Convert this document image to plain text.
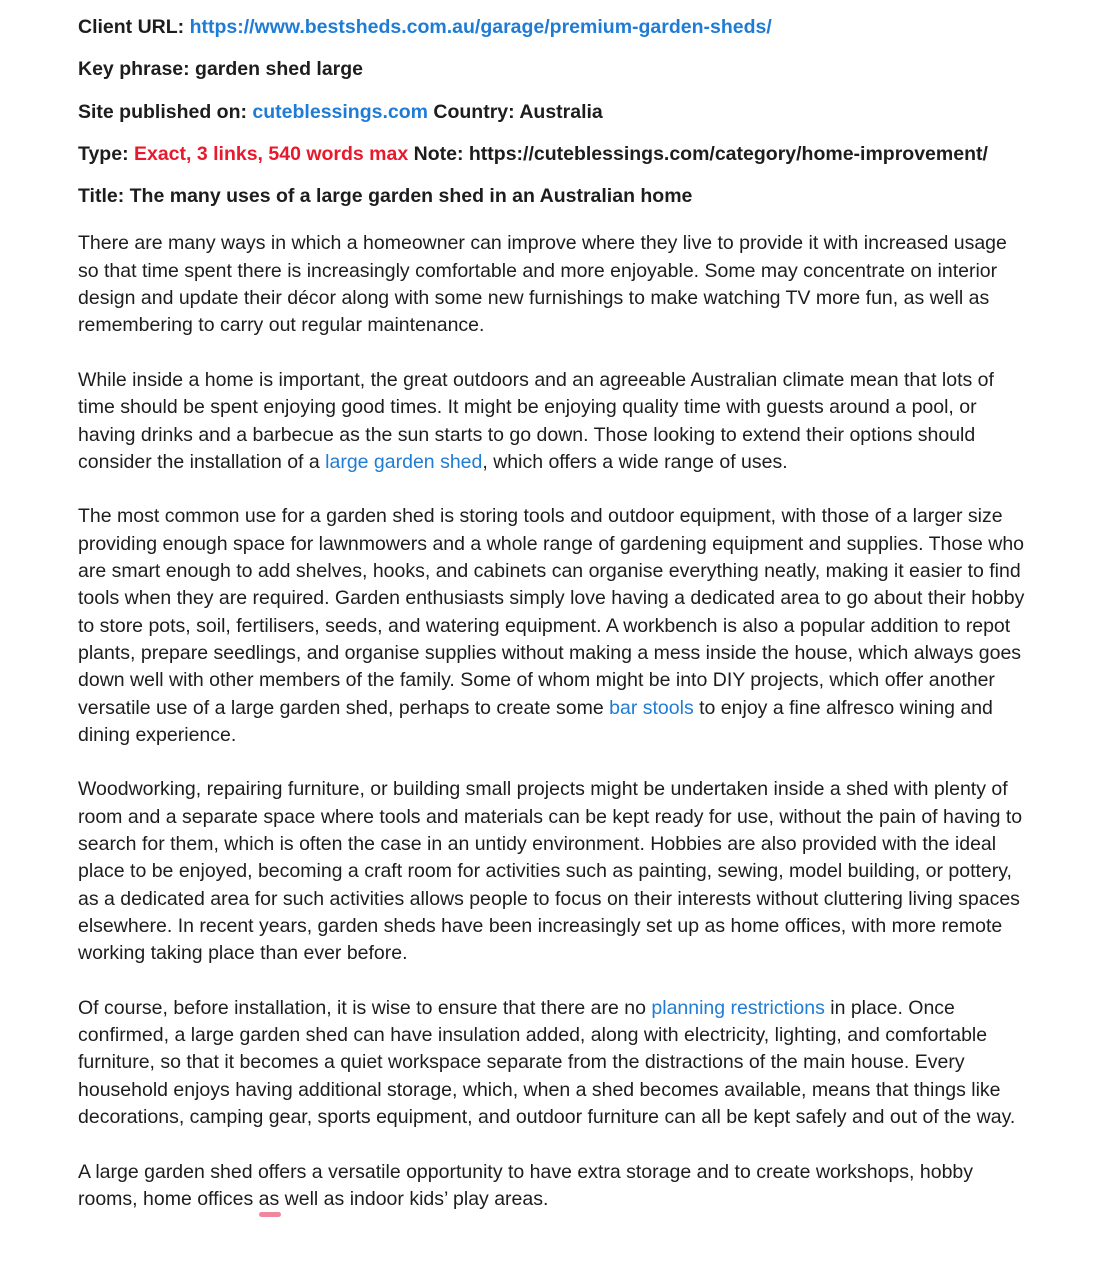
Client URL: https://www.bestsheds.com.au/garage/premium-garden-sheds/

Key phrase: garden shed large

Site published on: cuteblessings.com Country: Australia

Type: Exact, 3 links, 540 words max Note: https://cuteblessings.com/category/home-improvement/

Title: The many uses of a large garden shed in an Australian home

There are many ways in which a homeowner can improve where they live to provide it with increased usage so that time spent there is increasingly comfortable and more enjoyable. Some may concentrate on interior design and update their décor along with some new furnishings to make watching TV more fun, as well as remembering to carry out regular maintenance.

While inside a home is important, the great outdoors and an agreeable Australian climate mean that lots of time should be spent enjoying good times. It might be enjoying quality time with guests around a pool, or having drinks and a barbecue as the sun starts to go down. Those looking to extend their options should consider the installation of a large garden shed, which offers a wide range of uses.

The most common use for a garden shed is storing tools and outdoor equipment, with those of a larger size providing enough space for lawnmowers and a whole range of gardening equipment and supplies. Those who are smart enough to add shelves, hooks, and cabinets can organise everything neatly, making it easier to find tools when they are required. Garden enthusiasts simply love having a dedicated area to go about their hobby to store pots, soil, fertilisers, seeds, and watering equipment. A workbench is also a popular addition to repot plants, prepare seedlings, and organise supplies without making a mess inside the house, which always goes down well with other members of the family. Some of whom might be into DIY projects, which offer another versatile use of a large garden shed, perhaps to create some bar stools to enjoy a fine alfresco wining and dining experience.

Woodworking, repairing furniture, or building small projects might be undertaken inside a shed with plenty of room and a separate space where tools and materials can be kept ready for use, without the pain of having to search for them, which is often the case in an untidy environment. Hobbies are also provided with the ideal place to be enjoyed, becoming a craft room for activities such as painting, sewing, model building, or pottery, as a dedicated area for such activities allows people to focus on their interests without cluttering living spaces elsewhere. In recent years, garden sheds have been increasingly set up as home offices, with more remote working taking place than ever before.

Of course, before installation, it is wise to ensure that there are no planning restrictions in place. Once confirmed, a large garden shed can have insulation added, along with electricity, lighting, and comfortable furniture, so that it becomes a quiet workspace separate from the distractions of the main house. Every household enjoys having additional storage, which, when a shed becomes available, means that things like decorations, camping gear, sports equipment, and outdoor furniture can all be kept safely and out of the way.

A large garden shed offers a versatile opportunity to have extra storage and to create workshops, hobby rooms, home offices as well as indoor kids’ play areas.
